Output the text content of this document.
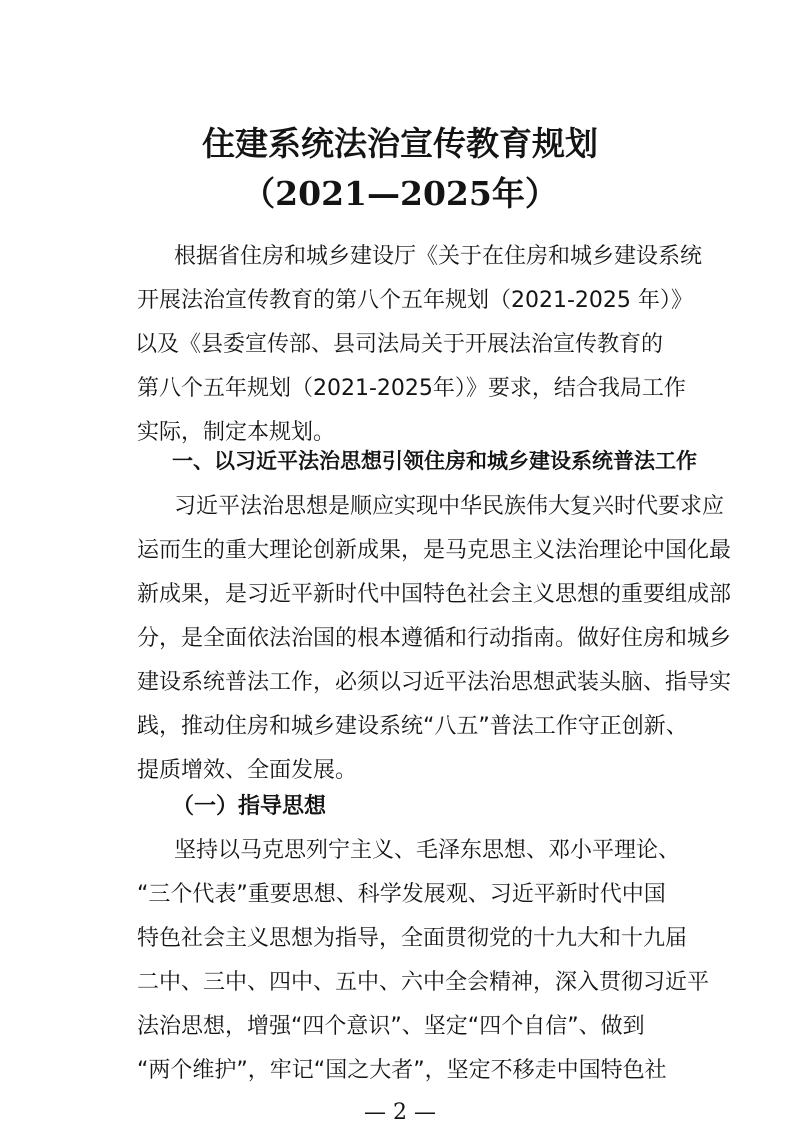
住建系统法治宣传教育规划
（2021—2025年）
根据省住房和城乡建设厅《关于在住房和城乡建设系统
开展法治宣传教育的第八个五年规划（2021-2025 年）》
以及《县委宣传部、县司法局关于开展法治宣传教育的
第八个五年规划（2021-2025年）》要求，结合我局工作
实际，制定本规划。
一、以习近平法治思想引领住房和城乡建设系统普法工作
习近平法治思想是顺应实现中华民族伟大复兴时代要求应
运而生的重大理论创新成果，是马克思主义法治理论中国化最
新成果，是习近平新时代中国特色社会主义思想的重要组成部
分，是全面依法治国的根本遵循和行动指南。做好住房和城乡
建设系统普法工作，必须以习近平法治思想武装头脑、指导实
践，推动住房和城乡建设系统“八五”普法工作守正创新、
提质增效、全面发展。
（一）指导思想
坚持以马克思列宁主义、毛泽东思想、邓小平理论、
“三个代表”重要思想、科学发展观、习近平新时代中国
特色社会主义思想为指导，全面贯彻党的十九大和十九届
二中、三中、四中、五中、六中全会精神，深入贯彻习近平
法治思想，增强“四个意识”、坚定“四个自信”、做到
“两个维护”，牢记“国之大者”，坚定不移走中国特色社
— 2 —
